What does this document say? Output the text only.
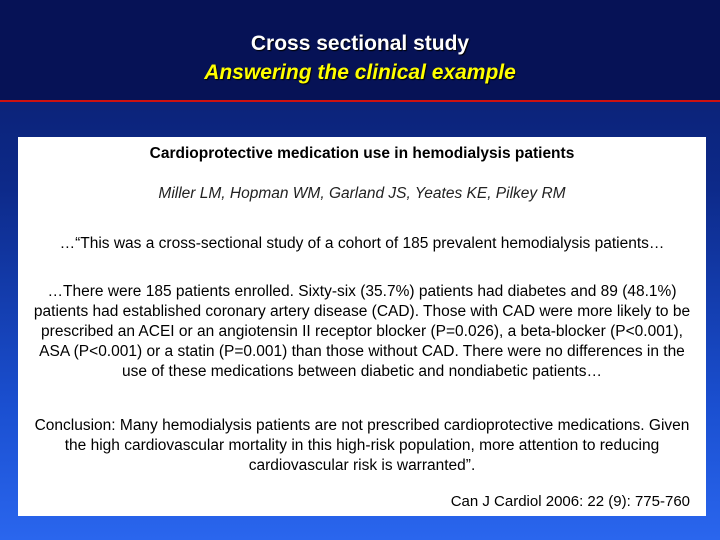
Cross sectional study
Answering the clinical example
Cardioprotective medication use in hemodialysis patients
Miller LM, Hopman WM, Garland JS, Yeates KE, Pilkey RM
…“This was a cross-sectional study of a cohort of 185 prevalent hemodialysis patients…
…There were 185 patients enrolled. Sixty-six (35.7%) patients had diabetes and 89 (48.1%) patients had established coronary artery disease (CAD). Those with CAD were more likely to be prescribed an ACEI or an angiotensin II receptor blocker (P=0.026), a beta-blocker (P<0.001), ASA (P<0.001) or a statin (P=0.001) than those without CAD. There were no differences in the use of these medications between diabetic and nondiabetic patients…
Conclusion: Many hemodialysis patients are not prescribed cardioprotective medications. Given the high cardiovascular mortality in this high-risk population, more attention to reducing cardiovascular risk is warranted”.
Can J Cardiol 2006: 22 (9): 775-760
